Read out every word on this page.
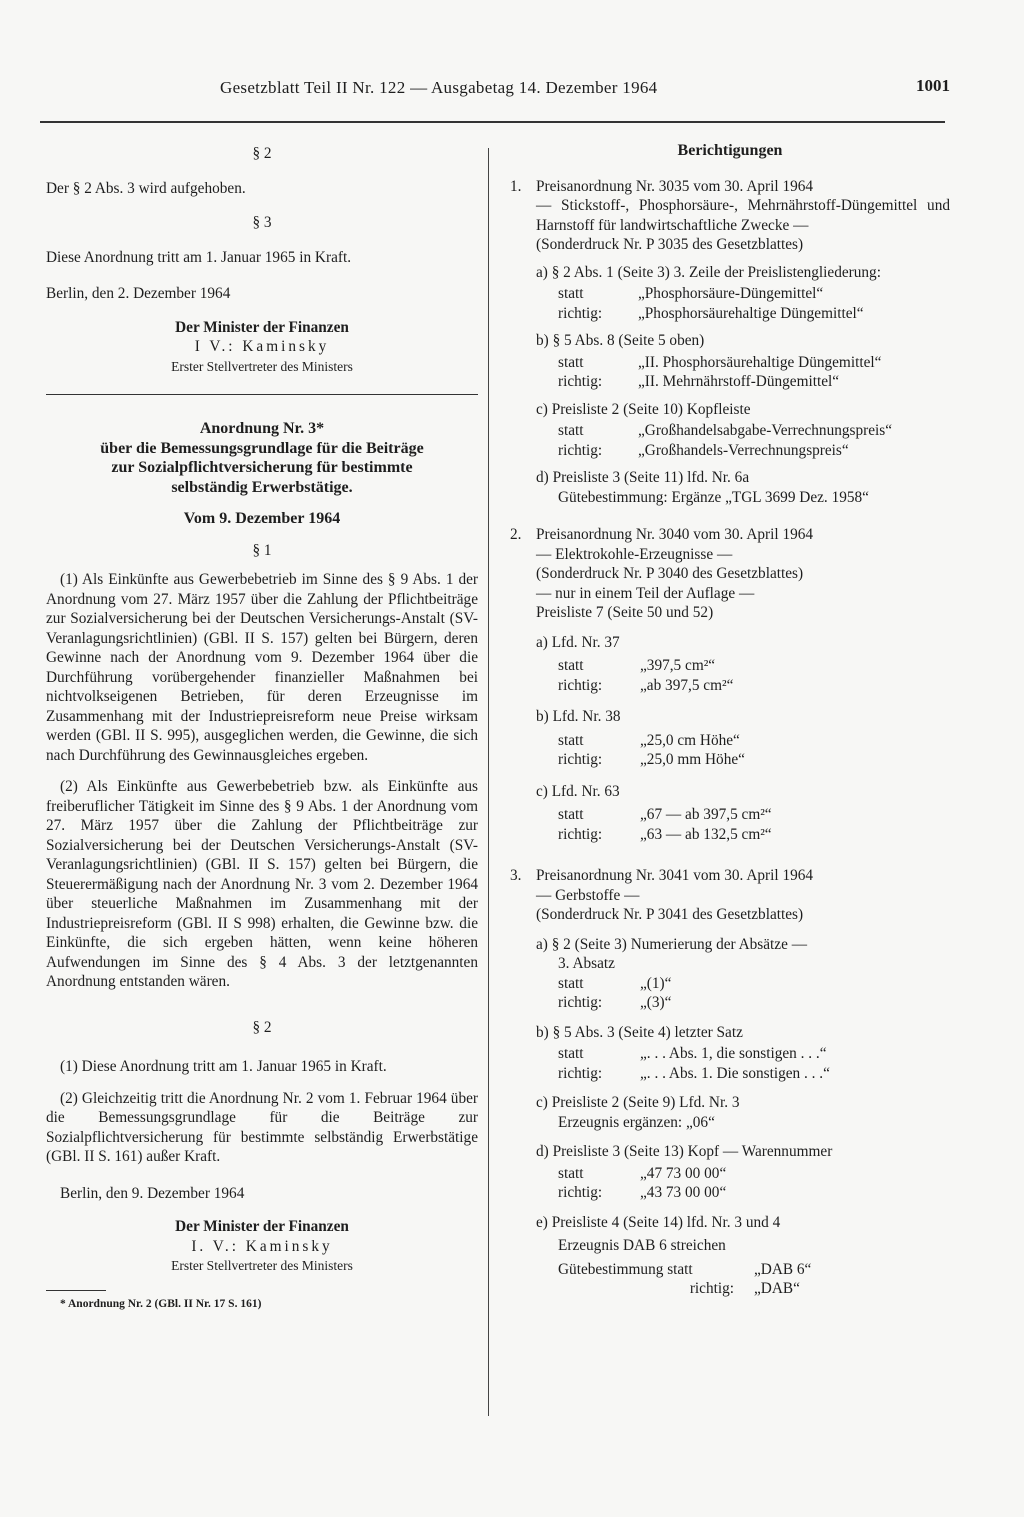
Gesetzblatt Teil II Nr. 122 — Ausgabetag 14. Dezember 1964	1001

§ 2

Der § 2 Abs. 3 wird aufgehoben.

§ 3

Diese Anordnung tritt am 1. Januar 1965 in Kraft.

Berlin, den 2. Dezember 1964

Der Minister der Finanzen

I V.: Kaminsky

Erster Stellvertreter des Ministers

Anordnung Nr. 3*

über die Bemessungsgrundlage für die Beiträge

zur Sozialpflichtversicherung für bestimmte

selbständig Erwerbstätige.

Vom 9. Dezember 1964

§ 1

(1) Als Einkünfte aus Gewerbebetrieb im Sinne des § 9 Abs. 1 der Anordnung vom 27. März 1957 über die Zahlung der Pflichtbeiträge zur Sozialversicherung bei der Deutschen Versicherungs-Anstalt (SV-Veranlagungsrichtlinien) (GBl. II S. 157) gelten bei Bürgern, deren Gewinne nach der Anordnung vom 9. Dezember 1964 über die Durchführung vorübergehender finanzieller Maßnahmen bei nichtvolkseigenen Betrieben, für deren Erzeugnisse im Zusammenhang mit der Industriepreisreform neue Preise wirksam werden (GBl. II S. 995), ausgeglichen werden, die Gewinne, die sich nach Durchführung des Gewinnausgleiches ergeben.

(2) Als Einkünfte aus Gewerbebetrieb bzw. als Einkünfte aus freiberuflicher Tätigkeit im Sinne des § 9 Abs. 1 der Anordnung vom 27. März 1957 über die Zahlung der Pflichtbeiträge zur Sozialversicherung bei der Deutschen Versicherungs-Anstalt (SV-Veranlagungsrichtlinien) (GBl. II S. 157) gelten bei Bürgern, die Steuerermäßigung nach der Anordnung Nr. 3 vom 2. Dezember 1964 über steuerliche Maßnahmen im Zusammenhang mit der Industriepreisreform (GBl. II S 998) erhalten, die Gewinne bzw. die Einkünfte, die sich ergeben hätten, wenn keine höheren Aufwendungen im Sinne des § 4 Abs. 3 der letztgenannten Anordnung entstanden wären.

§ 2

(1) Diese Anordnung tritt am 1. Januar 1965 in Kraft.

(2) Gleichzeitig tritt die Anordnung Nr. 2 vom 1. Februar 1964 über die Bemessungsgrundlage für die Beiträge zur Sozialpflichtversicherung für bestimmte selbständig Erwerbstätige (GBl. II S. 161) außer Kraft.

Berlin, den 9. Dezember 1964

Der Minister der Finanzen

I. V.: Kaminsky

Erster Stellvertreter des Ministers

* Anordnung Nr. 2 (GBl. II Nr. 17 S. 161)

Berichtigungen

1. Preisanordnung Nr. 3035 vom 30. April 1964

— Stickstoff-, Phosphorsäure-, Mehrnährstoff-Düngemittel und Harnstoff für landwirtschaftliche Zwecke —

(Sonderdruck Nr. P 3035 des Gesetzblattes)

a) § 2 Abs. 1 (Seite 3) 3. Zeile der Preislistengliederung:

statt	„Phosphorsäure-Düngemittel“
richtig:	„Phosphorsäurehaltige Düngemittel“

b) § 5 Abs. 8 (Seite 5 oben)

statt	„II. Phosphorsäurehaltige Düngemittel“
richtig:	„II. Mehrnährstoff-Düngemittel“

c) Preisliste 2 (Seite 10) Kopfleiste

statt	„Großhandelsabgabe-Verrechnungspreis“
richtig:	„Großhandels-Verrechnungspreis“

d) Preisliste 3 (Seite 11) lfd. Nr. 6a

Gütebestimmung: Ergänze „TGL 3699 Dez. 1958“

2. Preisanordnung Nr. 3040 vom 30. April 1964

— Elektrokohle-Erzeugnisse —

(Sonderdruck Nr. P 3040 des Gesetzblattes)

— nur in einem Teil der Auflage —

Preisliste 7 (Seite 50 und 52)

a) Lfd. Nr. 37

statt	„397,5 cm²“
richtig:	„ab 397,5 cm²“

b) Lfd. Nr. 38

statt	„25,0 cm Höhe“
richtig:	„25,0 mm Höhe“

c) Lfd. Nr. 63

statt	„67 — ab 397,5 cm²“
richtig:	„63 — ab 132,5 cm²“
3. Preisanordnung Nr. 3041 vom 30. April 1964

— Gerbstoffe —

(Sonderdruck Nr. P 3041 des Gesetzblattes)

a) § 2 (Seite 3) Numerierung der Absätze —

3. Absatz

statt	„(1)“
richtig:	„(3)“

b) § 5 Abs. 3 (Seite 4) letzter Satz

statt	„. . . Abs. 1, die sonstigen . . .“
richtig:	„. . . Abs. 1. Die sonstigen . . .“

c) Preisliste 2 (Seite 9) Lfd. Nr. 3

Erzeugnis ergänzen: „06“

d) Preisliste 3 (Seite 13) Kopf — Warennummer

statt	„47 73 00 00“
richtig:	„43 73 00 00“

e) Preisliste 4 (Seite 14) lfd. Nr. 3 und 4

Erzeugnis DAB 6 streichen

Gütebestimmung statt	„DAB 6“
richtig:	„DAB“
